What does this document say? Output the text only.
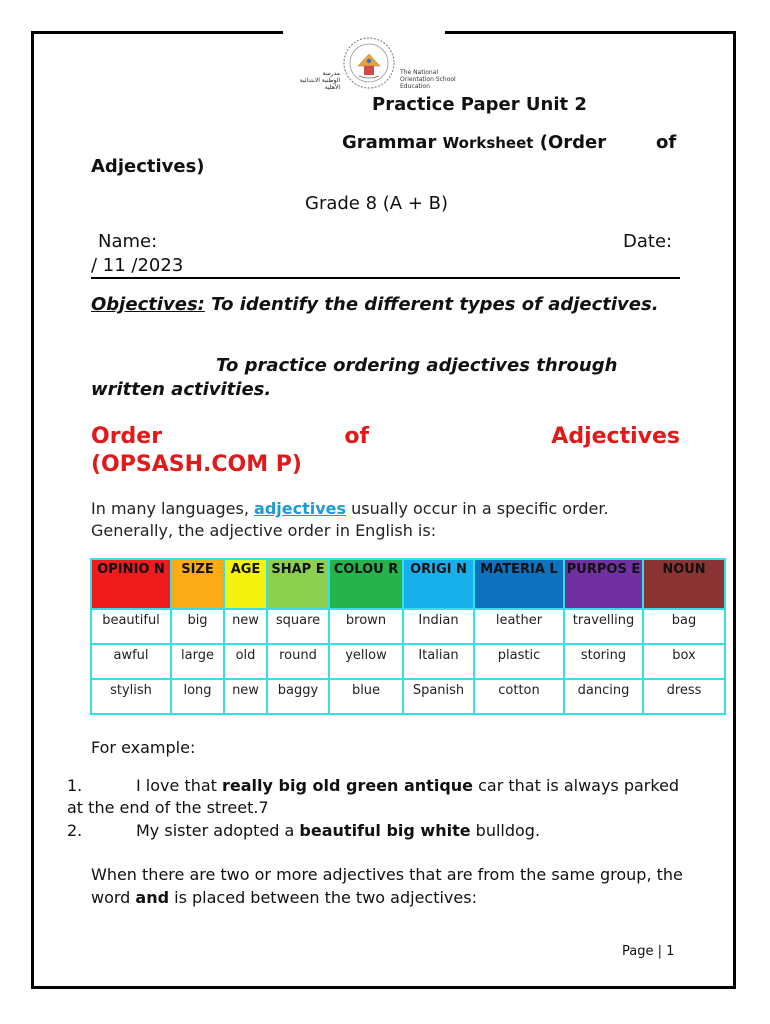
مدرسة
الوطنية الابتدائية
الأهلية
The National
Orientation School
Education
Practice Paper Unit 2
Grammar Worksheet (Order	of
Adjectives)
Grade 8 (A + B)
Name:	Date:
/ 11 /2023
Objectives: To identify the different types of adjectives.
To practice ordering adjectives through written activities.
Order	of	Adjectives
(OPSASH.COM P)
In many languages, adjectives usually occur in a specific order. Generally, the adjective order in English is:
OPINIO N	SIZE	AGE	SHAP E	COLOU R	ORIGI N	MATERIA L	PURPOS E	NOUN
beautiful	big	new	square	brown	Indian	leather	travelling	bag
awful	large	old	round	yellow	Italian	plastic	storing	box
stylish	long	new	baggy	blue	Spanish	cotton	dancing	dress
For example:
1.	I love that really big old green antique car that is always parked at the end of the street.7
2.	My sister adopted a beautiful big white bulldog.
When there are two or more adjectives that are from the same group, the word and is placed between the two adjectives:
Page | 1
